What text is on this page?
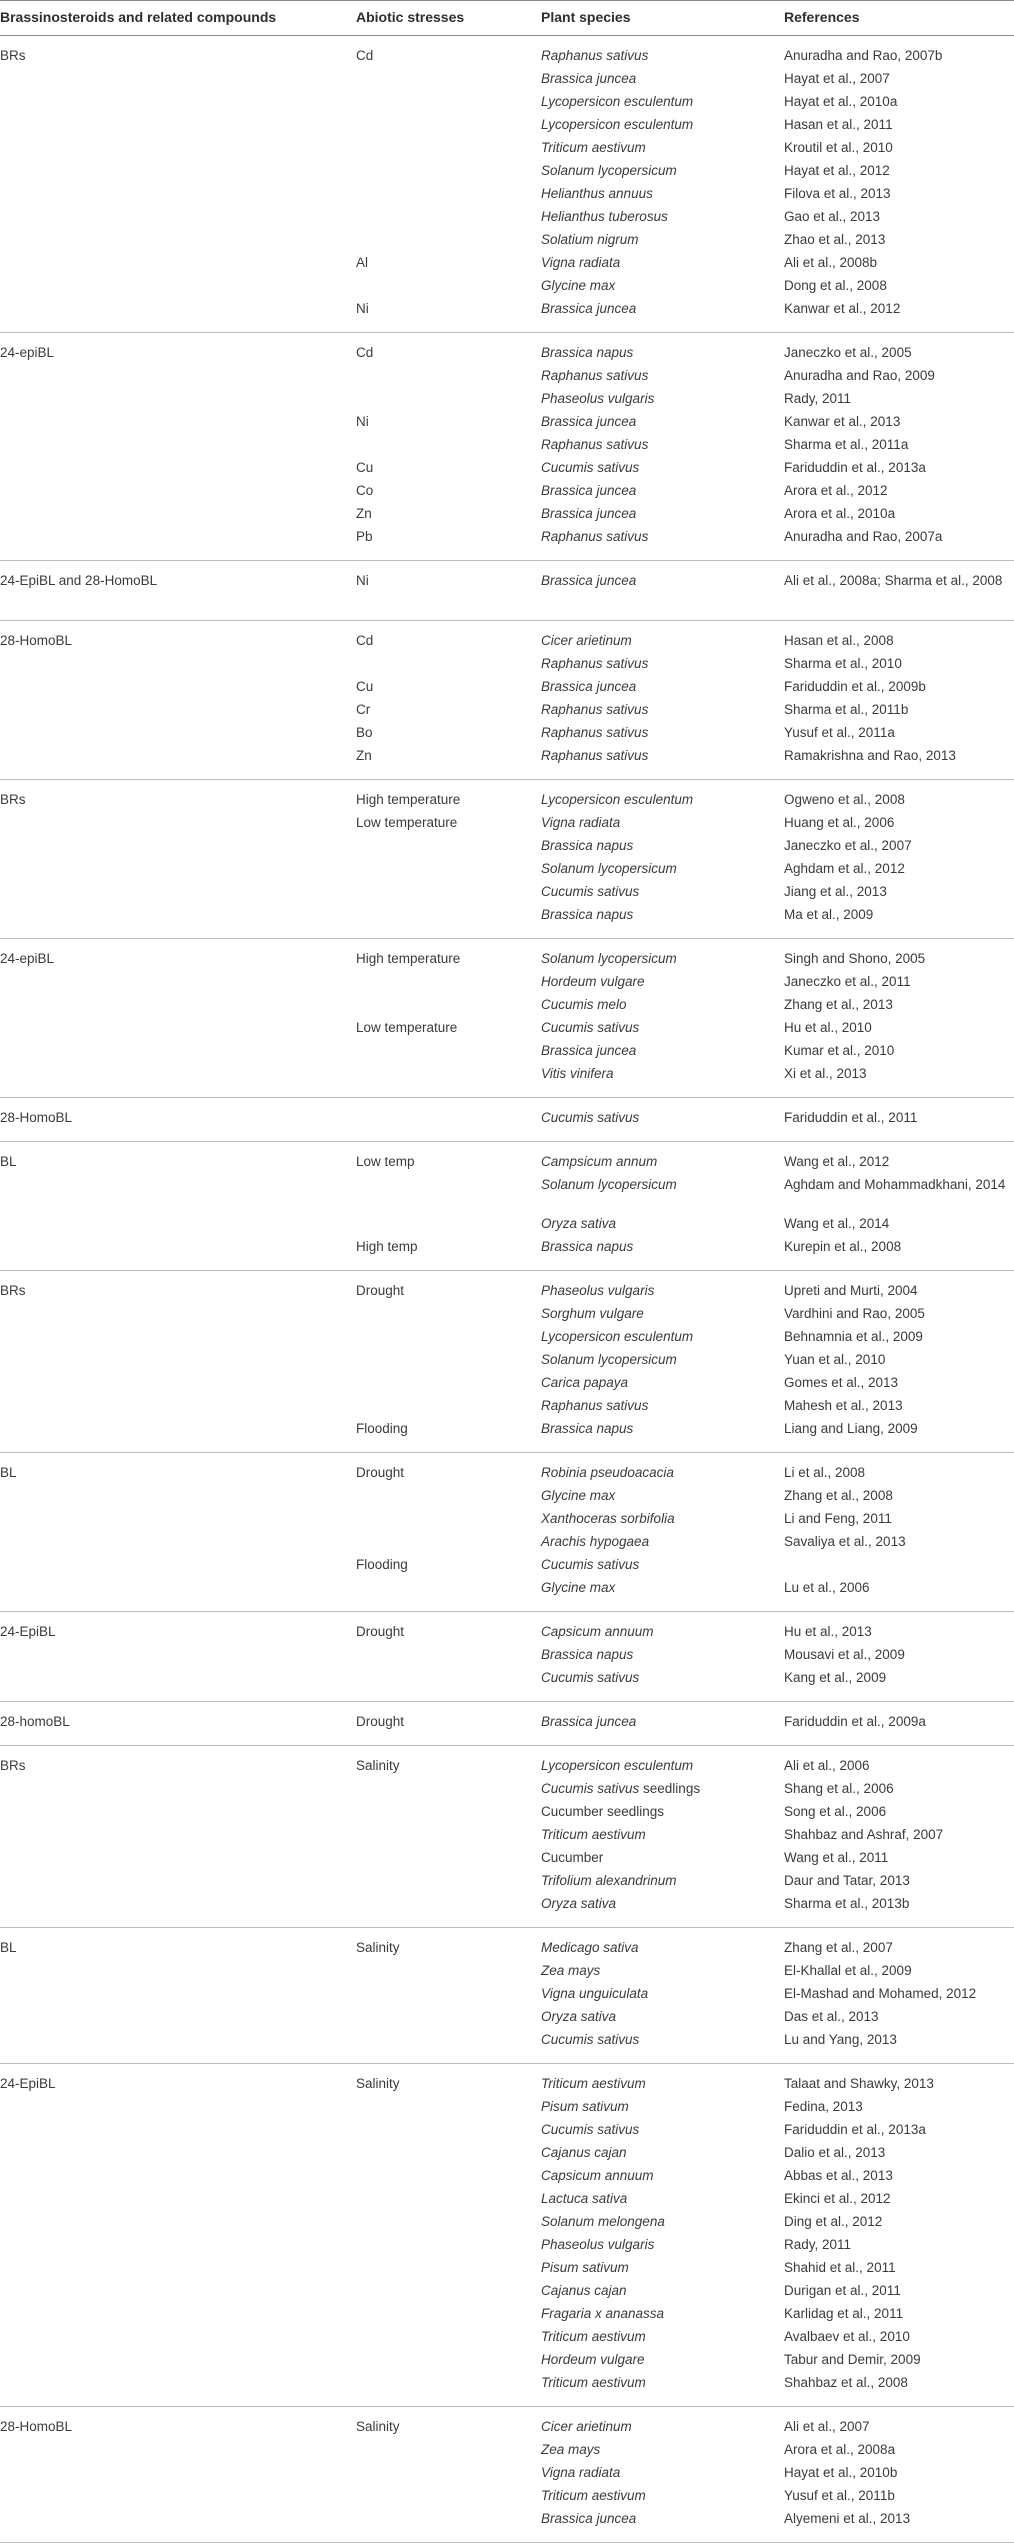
Brassinosteroids and related compounds	Abiotic stresses	Plant species	References

BRs	Cd	Raphanus sativus	Anuradha and Rao, 2007b

		Brassica juncea	Hayat et al., 2007

		Lycopersicon esculentum	Hayat et al., 2010a

		Lycopersicon esculentum	Hasan et al., 2011

		Triticum aestivum	Kroutil et al., 2010

		Solanum lycopersicum	Hayat et al., 2012

		Helianthus annuus	Filova et al., 2013

		Helianthus tuberosus	Gao et al., 2013

		Solatium nigrum	Zhao et al., 2013

	Al	Vigna radiata	Ali et al., 2008b

		Glycine max	Dong et al., 2008

	Ni	Brassica juncea	Kanwar et al., 2012

24-epiBL	Cd	Brassica napus	Janeczko et al., 2005

		Raphanus sativus	Anuradha and Rao, 2009

		Phaseolus vulgaris	Rady, 2011

	Ni	Brassica juncea	Kanwar et al., 2013

		Raphanus sativus	Sharma et al., 2011a

	Cu	Cucumis sativus	Fariduddin et al., 2013a

	Co	Brassica juncea	Arora et al., 2012

	Zn	Brassica juncea	Arora et al., 2010a

	Pb	Raphanus sativus	Anuradha and Rao, 2007a

24-EpiBL and 28-HomoBL	Ni	Brassica juncea	Ali et al., 2008a; Sharma et al., 2008

28-HomoBL	Cd	Cicer arietinum	Hasan et al., 2008

		Raphanus sativus	Sharma et al., 2010

	Cu	Brassica juncea	Fariduddin et al., 2009b

	Cr	Raphanus sativus	Sharma et al., 2011b

	Bo	Raphanus sativus	Yusuf et al., 2011a

	Zn	Raphanus sativus	Ramakrishna and Rao, 2013

BRs	High temperature	Lycopersicon esculentum	Ogweno et al., 2008

	Low temperature	Vigna radiata	Huang et al., 2006

		Brassica napus	Janeczko et al., 2007

		Solanum lycopersicum	Aghdam et al., 2012

		Cucumis sativus	Jiang et al., 2013

		Brassica napus	Ma et al., 2009

24-epiBL	High temperature	Solanum lycopersicum	Singh and Shono, 2005

		Hordeum vulgare	Janeczko et al., 2011

		Cucumis melo	Zhang et al., 2013

	Low temperature	Cucumis sativus	Hu et al., 2010

		Brassica juncea	Kumar et al., 2010

		Vitis vinifera	Xi et al., 2013

28-HomoBL		Cucumis sativus	Fariduddin et al., 2011

BL	Low temp	Campsicum annum	Wang et al., 2012

		Solanum lycopersicum	Aghdam and Mohammadkhani, 2014

		Oryza sativa	Wang et al., 2014

	High temp	Brassica napus	Kurepin et al., 2008

BRs	Drought	Phaseolus vulgaris	Upreti and Murti, 2004

		Sorghum vulgare	Vardhini and Rao, 2005

		Lycopersicon esculentum	Behnamnia et al., 2009

		Solanum lycopersicum	Yuan et al., 2010

		Carica papaya	Gomes et al., 2013

		Raphanus sativus	Mahesh et al., 2013

	Flooding	Brassica napus	Liang and Liang, 2009

BL	Drought	Robinia pseudoacacia	Li et al., 2008

		Glycine max	Zhang et al., 2008

		Xanthoceras sorbifolia	Li and Feng, 2011

		Arachis hypogaea	Savaliya et al., 2013

	Flooding	Cucumis sativus	

		Glycine max	Lu et al., 2006

24-EpiBL	Drought	Capsicum annuum	Hu et al., 2013

		Brassica napus	Mousavi et al., 2009

		Cucumis sativus	Kang et al., 2009

28-homoBL	Drought	Brassica juncea	Fariduddin et al., 2009a

BRs	Salinity	Lycopersicon esculentum	Ali et al., 2006

		Cucumis sativus seedlings	Shang et al., 2006

		Cucumber seedlings	Song et al., 2006

		Triticum aestivum	Shahbaz and Ashraf, 2007

		Cucumber	Wang et al., 2011

		Trifolium alexandrinum	Daur and Tatar, 2013

		Oryza sativa	Sharma et al., 2013b

BL	Salinity	Medicago sativa	Zhang et al., 2007

		Zea mays	El-Khallal et al., 2009

		Vigna unguiculata	El-Mashad and Mohamed, 2012

		Oryza sativa	Das et al., 2013

		Cucumis sativus	Lu and Yang, 2013

24-EpiBL	Salinity	Triticum aestivum	Talaat and Shawky, 2013

		Pisum sativum	Fedina, 2013

		Cucumis sativus	Fariduddin et al., 2013a

		Cajanus cajan	Dalio et al., 2013

		Capsicum annuum	Abbas et al., 2013

		Lactuca sativa	Ekinci et al., 2012

		Solanum melongena	Ding et al., 2012

		Phaseolus vulgaris	Rady, 2011

		Pisum sativum	Shahid et al., 2011

		Cajanus cajan	Durigan et al., 2011

		Fragaria x ananassa	Karlidag et al., 2011

		Triticum aestivum	Avalbaev et al., 2010

		Hordeum vulgare	Tabur and Demir, 2009

		Triticum aestivum	Shahbaz et al., 2008

28-HomoBL	Salinity	Cicer arietinum	Ali et al., 2007

		Zea mays	Arora et al., 2008a

		Vigna radiata	Hayat et al., 2010b

		Triticum aestivum	Yusuf et al., 2011b

		Brassica juncea	Alyemeni et al., 2013
